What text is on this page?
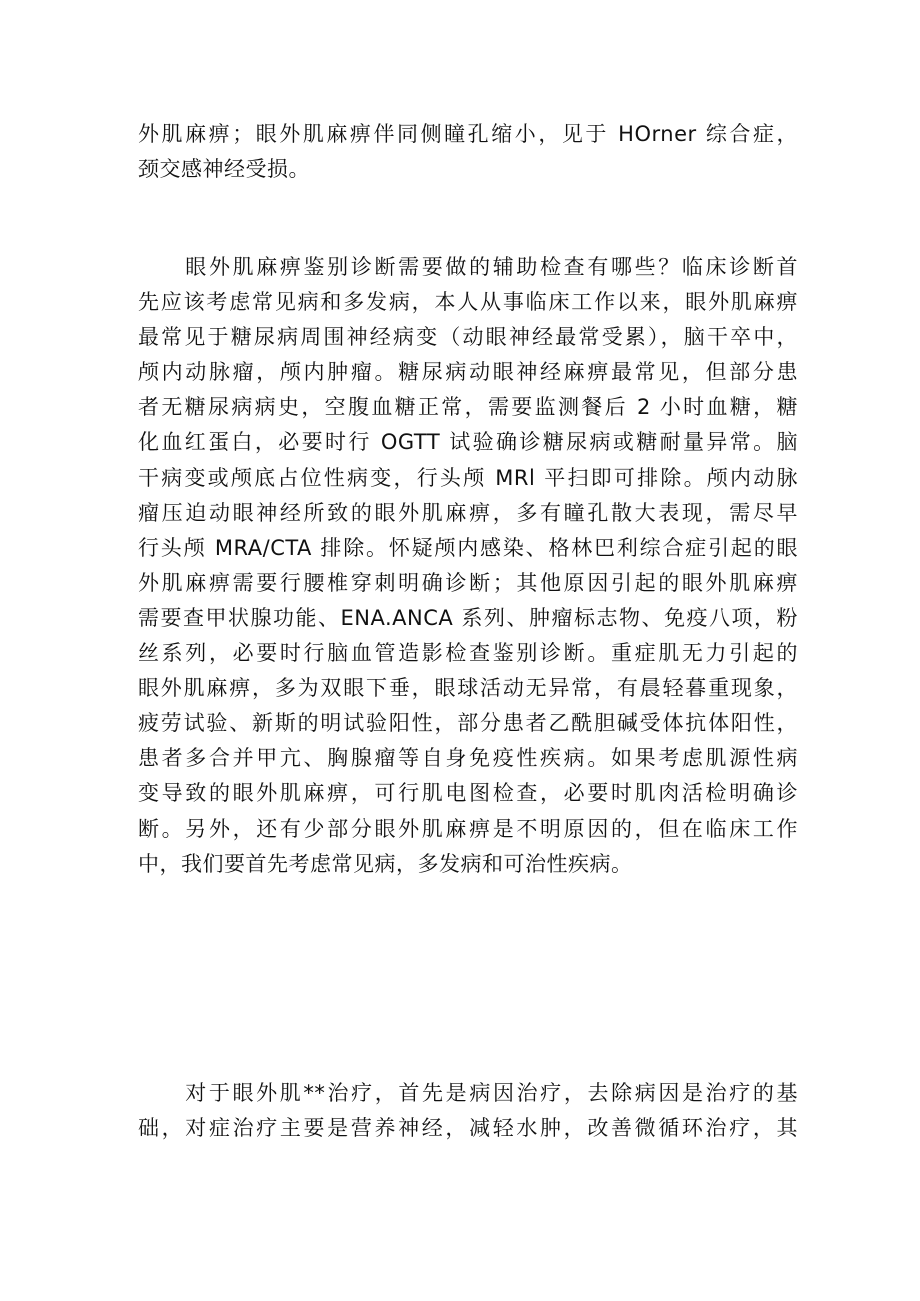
外肌麻痹；眼外肌麻痹伴同侧瞳孔缩小，见于 HOrner 综合症，
颈交感神经受损。
　　眼外肌麻痹鉴别诊断需要做的辅助检查有哪些？临床诊断首
先应该考虑常见病和多发病，本人从事临床工作以来，眼外肌麻痹
最常见于糖尿病周围神经病变（动眼神经最常受累），脑干卒中，
颅内动脉瘤，颅内肿瘤。糖尿病动眼神经麻痹最常见，但部分患
者无糖尿病病史，空腹血糖正常，需要监测餐后 2 小时血糖，糖
化血红蛋白，必要时行 OGTT 试验确诊糖尿病或糖耐量异常。脑
干病变或颅底占位性病变，行头颅 MRl 平扫即可排除。颅内动脉
瘤压迫动眼神经所致的眼外肌麻痹，多有瞳孔散大表现，需尽早
行头颅 MRA/CTA 排除。怀疑颅内感染、格林巴利综合症引起的眼
外肌麻痹需要行腰椎穿刺明确诊断；其他原因引起的眼外肌麻痹
需要查甲状腺功能、ENA.ANCA 系列、肿瘤标志物、免疫八项，粉
丝系列，必要时行脑血管造影检查鉴别诊断。重症肌无力引起的
眼外肌麻痹，多为双眼下垂，眼球活动无异常，有晨轻暮重现象，
疲劳试验、新斯的明试验阳性，部分患者乙酰胆碱受体抗体阳性，
患者多合并甲亢、胸腺瘤等自身免疫性疾病。如果考虑肌源性病
变导致的眼外肌麻痹，可行肌电图检查，必要时肌肉活检明确诊
断。另外，还有少部分眼外肌麻痹是不明原因的，但在临床工作
中，我们要首先考虑常见病，多发病和可治性疾病。
　　对于眼外肌**治疗，首先是病因治疗，去除病因是治疗的基
础，对症治疗主要是营养神经，减轻水肿，改善微循环治疗，其
